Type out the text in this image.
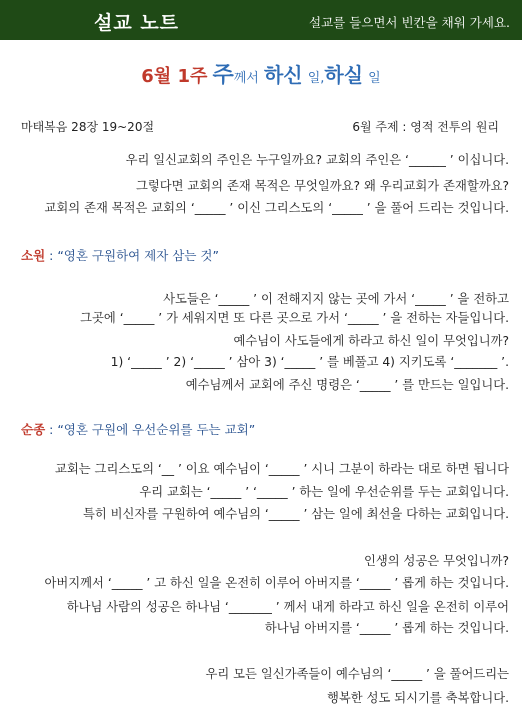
설교 노트	설교를 들으면서 빈칸을 채워 가세요.
6월 1주 주께서 하신 일,하실 일
마태복음 28장 19~20절	6월 주제 : 영적 전투의 원리
우리 일신교회의 주인은 누구일까요? 교회의 주인은 ‘______ ’ 이십니다.
그렇다면 교회의 존재 목적은 무엇일까요? 왜 우리교회가 존재할까요?
교회의 존재 목적은 교회의 ‘_____ ’ 이신 그리스도의 ‘_____ ’ 을 풀어 드리는 것입니다.
소원 : “영혼 구원하여 제자 삼는 것”
사도들은 ‘_____ ’ 이 전해지지 않는 곳에 가서 ‘_____ ’ 을 전하고
그곳에 ‘_____ ’ 가 세워지면 또 다른 곳으로 가서 ‘_____ ’ 을 전하는 자들입니다.
예수님이 사도들에게 하라고 하신 일이 무엇입니까?
1) ‘_____ ’ 2) ‘_____ ’ 삼아 3) ‘_____ ’ 를 베풀고 4) 지키도록 ‘_______ ’.
예수님께서 교회에 주신 명령은 ‘_____ ’ 를 만드는 일입니다.
순종 : “영혼 구원에 우선순위를 두는 교회”
교회는 그리스도의 ‘__ ’ 이요 예수님이 ‘_____ ’ 시니 그분이 하라는 대로 하면 됩니다
우리 교회는 ‘_____ ’ ‘_____ ’ 하는 일에 우선순위를 두는 교회입니다.
특히 비신자를 구원하여 예수님의 ‘_____ ’ 삼는 일에 최선을 다하는 교회입니다.
인생의 성공은 무엇입니까?
아버지께서 ‘_____ ’ 고 하신 일을 온전히 이루어 아버지를 ‘_____ ’ 롭게 하는 것입니다.
하나님 사람의 성공은 하나님 ‘_______ ’ 께서 내게 하라고 하신 일을 온전히 이루어
하나님 아버지를 ‘_____ ’ 롭게 하는 것입니다.
우리 모든 일신가족들이 예수님의 ‘_____ ’ 을 풀어드리는
행복한 성도 되시기를 축복합니다.
